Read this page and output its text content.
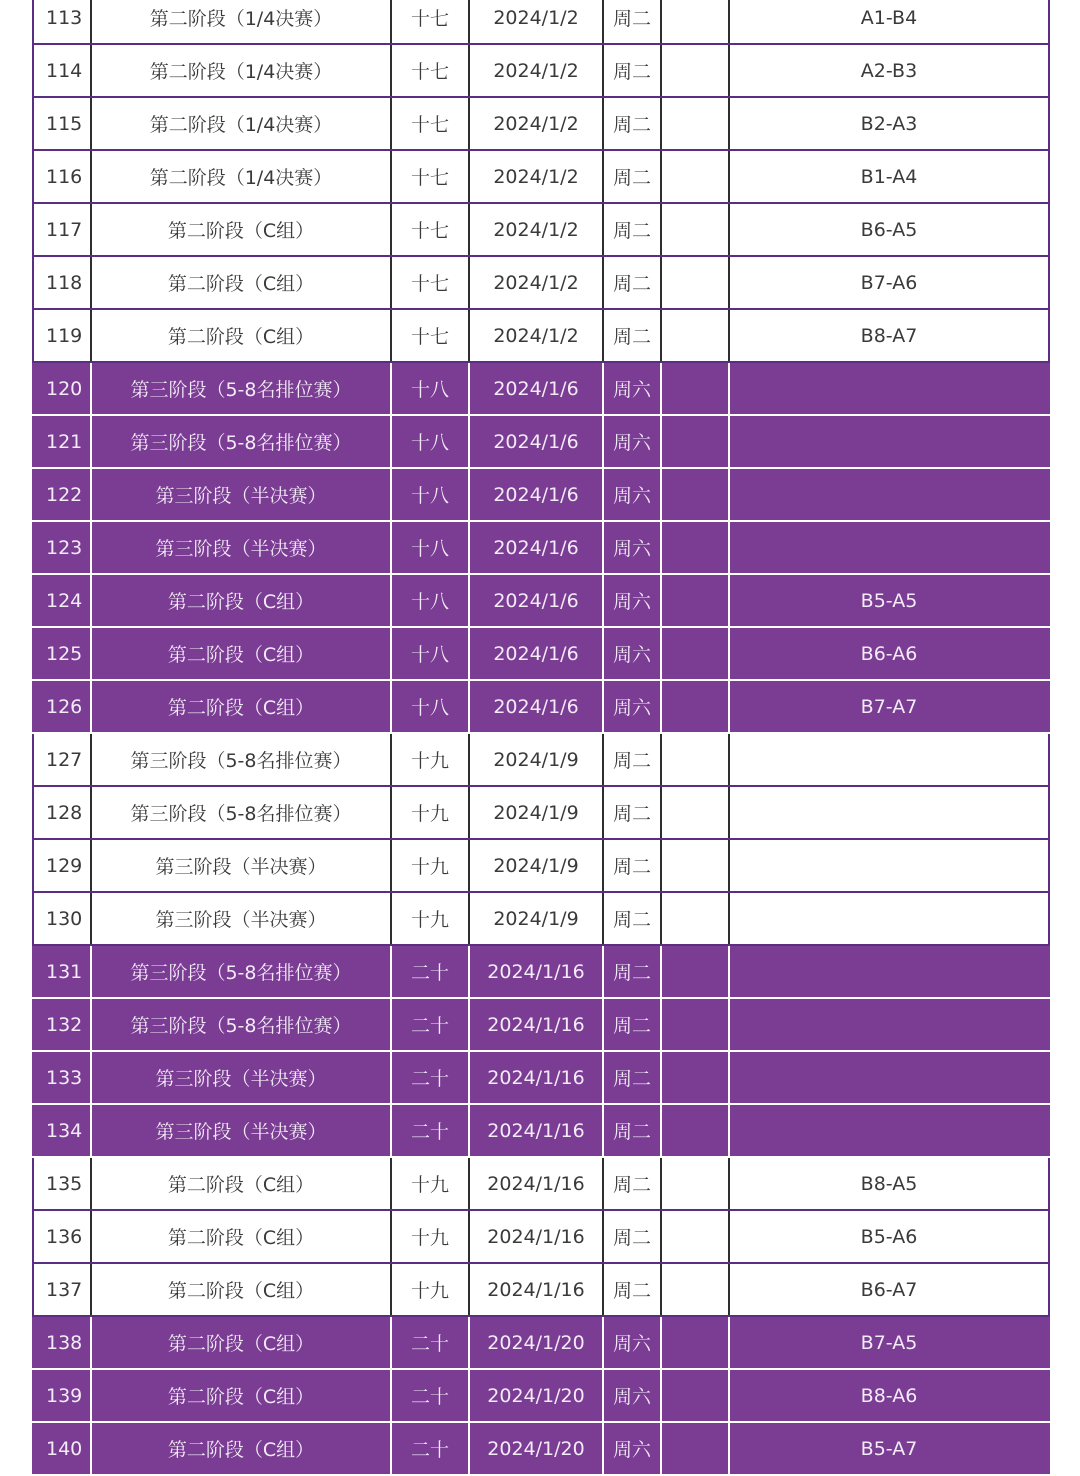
113	第二阶段（1/4决赛）	十七	2024/1/2	周二		A1-B4
114	第二阶段（1/4决赛）	十七	2024/1/2	周二		A2-B3
115	第二阶段（1/4决赛）	十七	2024/1/2	周二		B2-A3
116	第二阶段（1/4决赛）	十七	2024/1/2	周二		B1-A4
117	第二阶段（C组）	十七	2024/1/2	周二		B6-A5
118	第二阶段（C组）	十七	2024/1/2	周二		B7-A6
119	第二阶段（C组）	十七	2024/1/2	周二		B8-A7
120	第三阶段（5-8名排位赛）	十八	2024/1/6	周六		
121	第三阶段（5-8名排位赛）	十八	2024/1/6	周六		
122	第三阶段（半决赛）	十八	2024/1/6	周六		
123	第三阶段（半决赛）	十八	2024/1/6	周六		
124	第二阶段（C组）	十八	2024/1/6	周六		B5-A5
125	第二阶段（C组）	十八	2024/1/6	周六		B6-A6
126	第二阶段（C组）	十八	2024/1/6	周六		B7-A7
127	第三阶段（5-8名排位赛）	十九	2024/1/9	周二		
128	第三阶段（5-8名排位赛）	十九	2024/1/9	周二		
129	第三阶段（半决赛）	十九	2024/1/9	周二		
130	第三阶段（半决赛）	十九	2024/1/9	周二		
131	第三阶段（5-8名排位赛）	二十	2024/1/16	周二		
132	第三阶段（5-8名排位赛）	二十	2024/1/16	周二		
133	第三阶段（半决赛）	二十	2024/1/16	周二		
134	第三阶段（半决赛）	二十	2024/1/16	周二		
135	第二阶段（C组）	十九	2024/1/16	周二		B8-A5
136	第二阶段（C组）	十九	2024/1/16	周二		B5-A6
137	第二阶段（C组）	十九	2024/1/16	周二		B6-A7
138	第二阶段（C组）	二十	2024/1/20	周六		B7-A5
139	第二阶段（C组）	二十	2024/1/20	周六		B8-A6
140	第二阶段（C组）	二十	2024/1/20	周六		B5-A7
